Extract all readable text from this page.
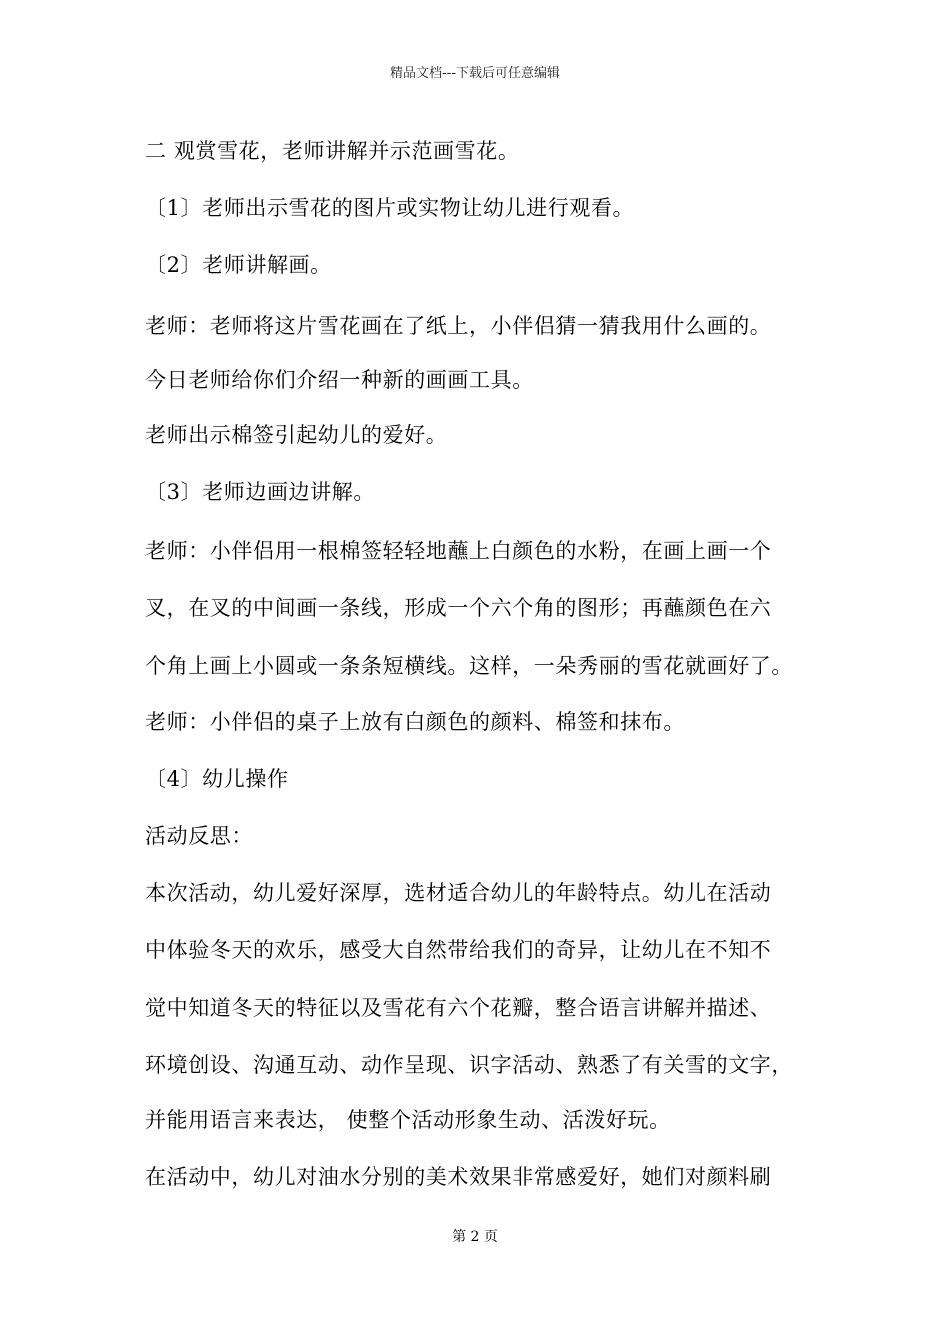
精品文档---下载后可任意编辑
二 观赏雪花，老师讲解并示范画雪花。
〔1〕老师出示雪花的图片或实物让幼儿进行观看。
〔2〕老师讲解画。
老师：老师将这片雪花画在了纸上，小伴侣猜一猜我用什么画的。
今日老师给你们介绍一种新的画画工具。
老师出示棉签引起幼儿的爱好。
〔3〕老师边画边讲解。
老师：小伴侣用一根棉签轻轻地蘸上白颜色的水粉，在画上画一个
叉，在叉的中间画一条线，形成一个六个角的图形；再蘸颜色在六
个角上画上小圆或一条条短横线。这样，一朵秀丽的雪花就画好了。
老师：小伴侣的桌子上放有白颜色的颜料、棉签和抹布。
〔4〕幼儿操作
活动反思：
本次活动，幼儿爱好深厚，选材适合幼儿的年龄特点。幼儿在活动
中体验冬天的欢乐，感受大自然带给我们的奇异，让幼儿在不知不
觉中知道冬天的特征以及雪花有六个花瓣，整合语言讲解并描述、
环境创设、沟通互动、动作呈现、识字活动、熟悉了有关雪的文字，
并能用语言来表达， 使整个活动形象生动、活泼好玩。
在活动中，幼儿对油水分别的美术效果非常感爱好，她们对颜料刷
第 2 页
